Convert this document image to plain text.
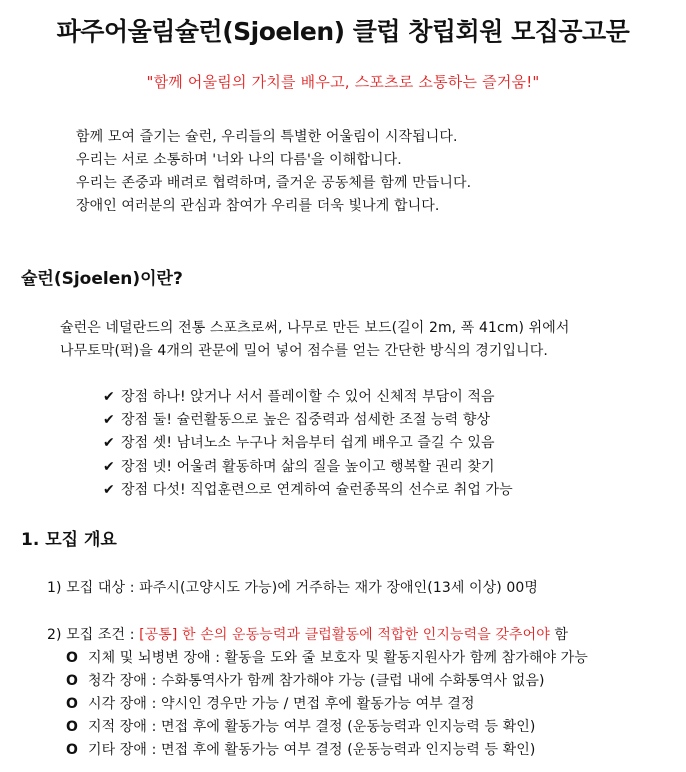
파주어울림슐런(Sjoelen) 클럽 창립회원 모집공고문
"함께 어울림의 가치를 배우고, 스포츠로 소통하는 즐거움!"
함께 모여 즐기는 슐런, 우리들의 특별한 어울림이 시작됩니다.
우리는 서로 소통하며 '너와 나의 다름'을 이해합니다.
우리는 존중과 배려로 협력하며, 즐거운 공동체를 함께 만듭니다.
장애인 여러분의 관심과 참여가 우리를 더욱 빛나게 합니다.
슐런(Sjoelen)이란?
슐런은 네덜란드의 전통 스포츠로써, 나무로 만든 보드(길이 2m, 폭 41cm) 위에서
나무토막(퍽)을 4개의 관문에 밀어 넣어 점수를 얻는 간단한 방식의 경기입니다.
✔ 장점 하나! 앉거나 서서 플레이할 수 있어 신체적 부담이 적음
✔ 장점 둘! 슐런활동으로 높은 집중력과 섬세한 조절 능력 향상
✔ 장점 셋! 남녀노소 누구나 처음부터 쉽게 배우고 즐길 수 있음
✔ 장점 넷! 어울려 활동하며 삶의 질을 높이고 행복할 권리 찾기
✔ 장점 다섯! 직업훈련으로 연계하여 슐런종목의 선수로 취업 가능
1. 모집 개요
1) 모집 대상 : 파주시(고양시도 가능)에 거주하는 재가 장애인(13세 이상) 00명
2) 모집 조건 : [공통] 한 손의 운동능력과 클럽활동에 적합한 인지능력을 갖추어야 함
O 지체 및 뇌병변 장애 : 활동을 도와 줄 보호자 및 활동지원사가 함께 참가해야 가능
O 청각 장애 : 수화통역사가 함께 참가해야 가능 (클럽 내에 수화통역사 없음)
O 시각 장애 : 약시인 경우만 가능 / 면접 후에 활동가능 여부 결정
O 지적 장애 : 면접 후에 활동가능 여부 결정 (운동능력과 인지능력 등 확인)
O 기타 장애 : 면접 후에 활동가능 여부 결정 (운동능력과 인지능력 등 확인)
